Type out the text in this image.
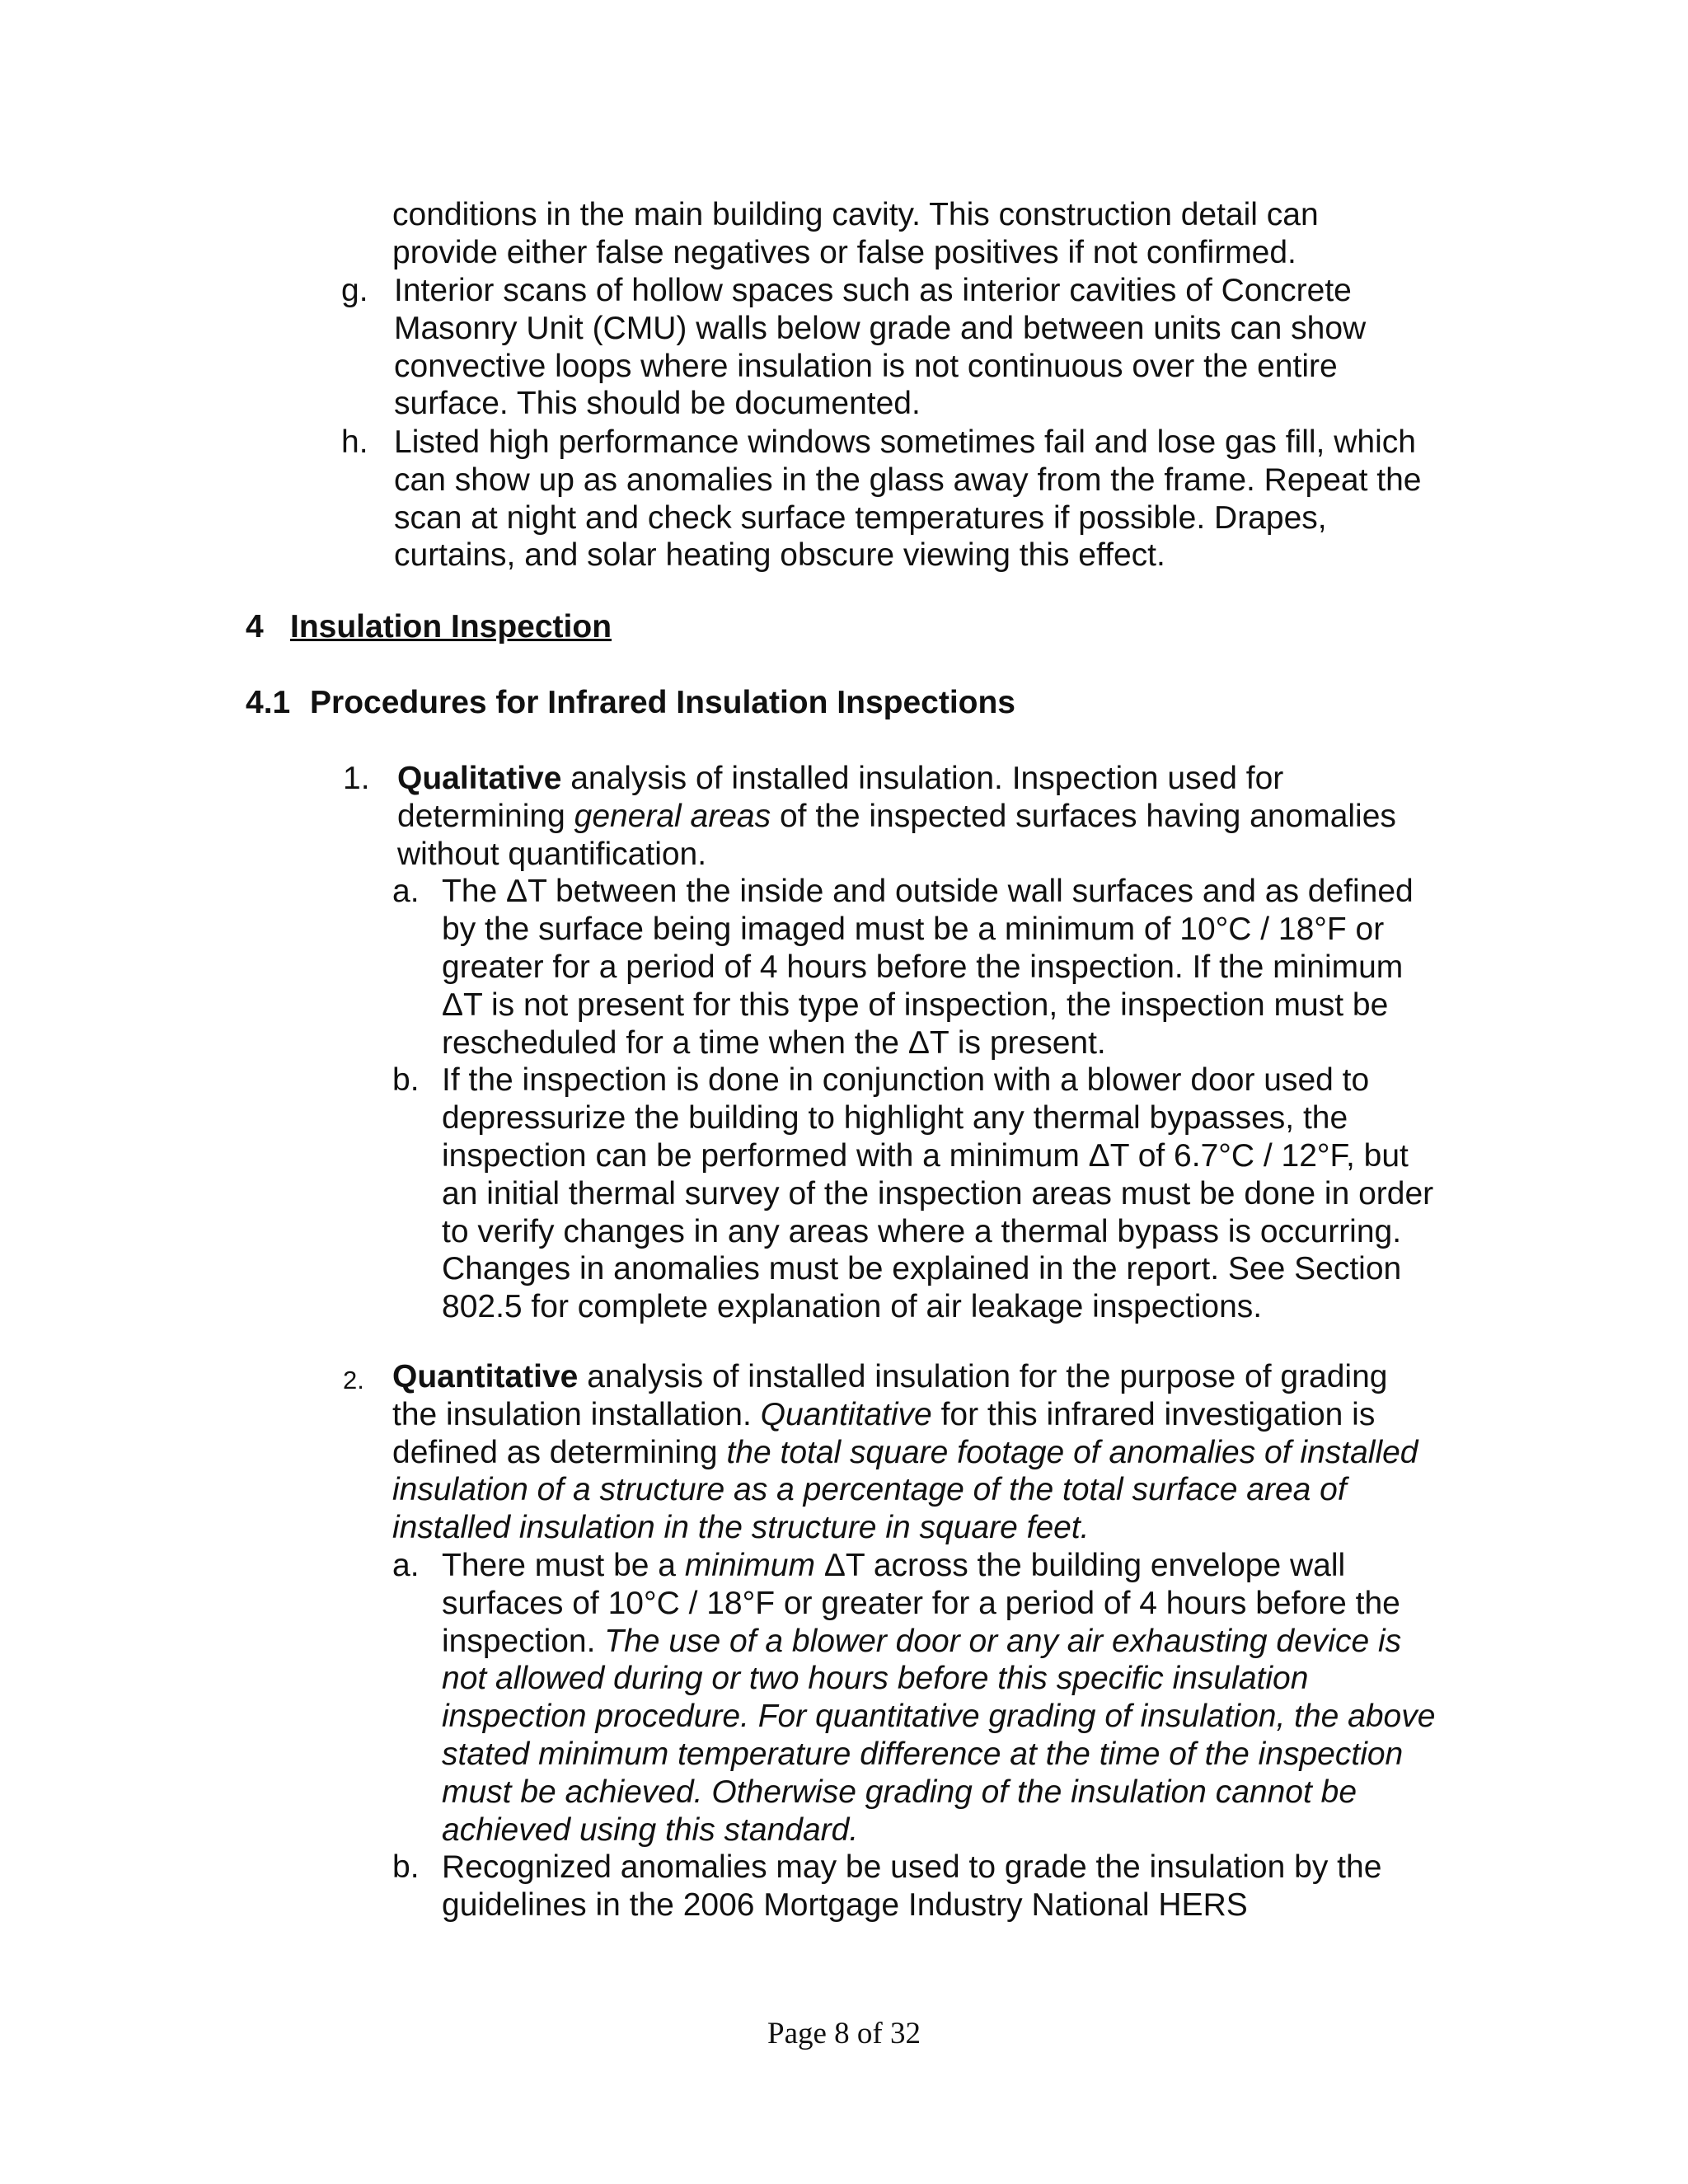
conditions in the main building cavity. This construction detail can
provide either false negatives or false positives if not confirmed.
g. Interior scans of hollow spaces such as interior cavities of Concrete Masonry Unit (CMU) walls below grade and between units can show convective loops where insulation is not continuous over the entire surface. This should be documented.
h. Listed high performance windows sometimes fail and lose gas fill, which can show up as anomalies in the glass away from the frame. Repeat the scan at night and check surface temperatures if possible. Drapes, curtains, and solar heating obscure viewing this effect.
4 Insulation Inspection
4.1 Procedures for Infrared Insulation Inspections
1. Qualitative analysis of installed insulation. Inspection used for determining general areas of the inspected surfaces having anomalies without quantification.
a. The ΔT between the inside and outside wall surfaces and as defined by the surface being imaged must be a minimum of 10°C / 18°F or greater for a period of 4 hours before the inspection. If the minimum ΔT is not present for this type of inspection, the inspection must be rescheduled for a time when the ΔT is present.
b. If the inspection is done in conjunction with a blower door used to depressurize the building to highlight any thermal bypasses, the inspection can be performed with a minimum ΔT of 6.7°C / 12°F, but an initial thermal survey of the inspection areas must be done in order to verify changes in any areas where a thermal bypass is occurring. Changes in anomalies must be explained in the report. See Section 802.5 for complete explanation of air leakage inspections.
2. Quantitative analysis of installed insulation for the purpose of grading the insulation installation. Quantitative for this infrared investigation is defined as determining the total square footage of anomalies of installed insulation of a structure as a percentage of the total surface area of installed insulation in the structure in square feet.
a. There must be a minimum ΔT across the building envelope wall surfaces of 10°C / 18°F or greater for a period of 4 hours before the inspection. The use of a blower door or any air exhausting device is not allowed during or two hours before this specific insulation inspection procedure. For quantitative grading of insulation, the above stated minimum temperature difference at the time of the inspection must be achieved. Otherwise grading of the insulation cannot be achieved using this standard.
b. Recognized anomalies may be used to grade the insulation by the guidelines in the 2006 Mortgage Industry National HERS
Page 8 of 32
